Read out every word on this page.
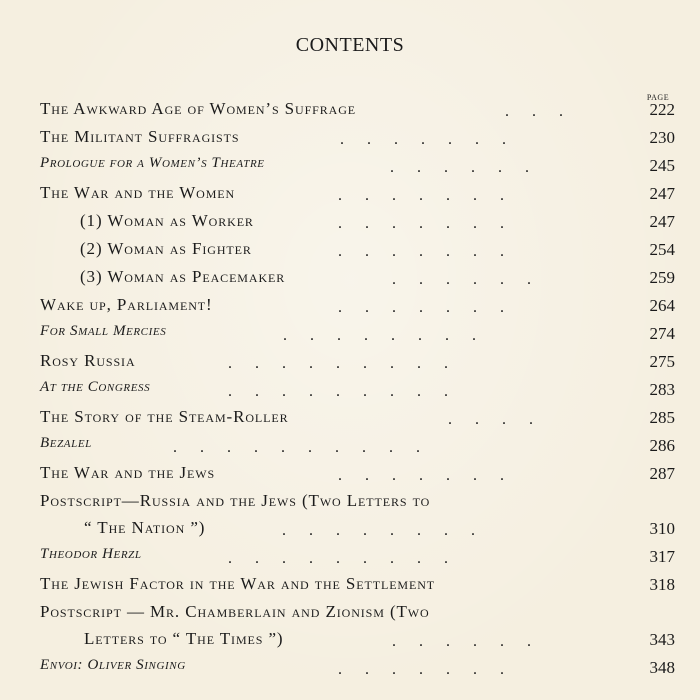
CONTENTS
PAGE
The Awkward Age of Women’s Suffrage	...	222
The Militant Suffragists	.......	230
Prologue for a Women’s Theatre	......	245
The War and the Women	.......	247
(1) Woman as Worker	.......	247
(2) Woman as Fighter	.......	254
(3) Woman as Peacemaker	......	259
Wake up, Parliament!	.......	264
For Small Mercies	........	274
Rosy Russia	.........	275
At the Congress	.........	283
The Story of the Steam-Roller	....	285
Bezalel	..........	286
The War and the Jews	.......	287
Postscript—Russia and the Jews (Two Letters to
“ The Nation ”)	........	310
Theodor Herzl	.........	317
The Jewish Factor in the War and the Settlement	318
Postscript — Mr. Chamberlain and Zionism (Two
Letters to “ The Times ”)	......	343
Envoi: Oliver Singing	.......	348
